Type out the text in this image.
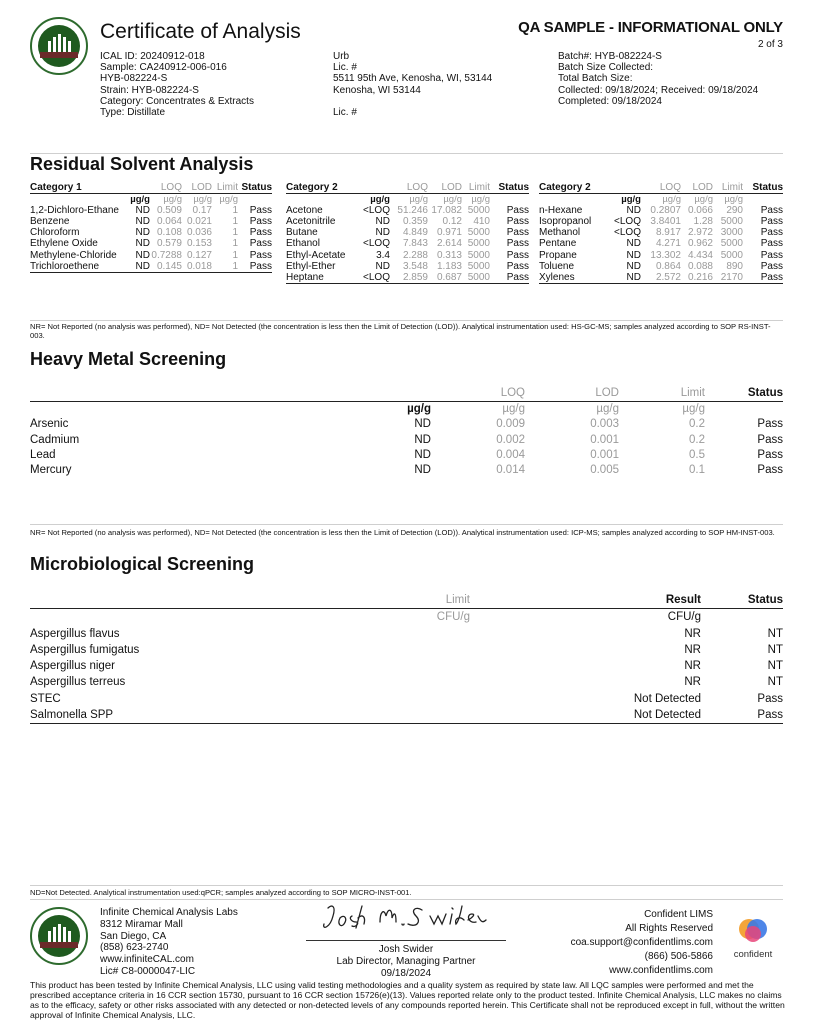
Certificate of Analysis	QA SAMPLE - INFORMATIONAL ONLY
2 of 3
ICAL ID: 20240912-018
Sample: CA240912-006-016
HYB-082224-S
Strain: HYB-082224-S
Category: Concentrates & Extracts
Type: Distillate
Urb
Lic. #
5511 95th Ave, Kenosha, WI, 53144
Kenosha, WI 53144

Lic. #
Batch#: HYB-082224-S
Batch Size Collected:
Total Batch Size:
Collected: 09/18/2024; Received: 09/18/2024
Completed: 09/18/2024
Residual Solvent Analysis
Category 1		LOQ	LOD	Limit	Status
	µg/g	µg/g	µg/g	µg/g	
1,2-Dichloro-Ethane	ND	0.509	0.17	1	Pass
Benzene	ND	0.064	0.021	1	Pass
Chloroform	ND	0.108	0.036	1	Pass
Ethylene Oxide	ND	0.579	0.153	1	Pass
Methylene-Chloride	ND	0.7288	0.127	1	Pass
Trichloroethene	ND	0.145	0.018	1	Pass
Category 2		LOQ	LOD	Limit	Status
	µg/g	µg/g	µg/g	µg/g	
Acetone	<LOQ	51.246	17.082	5000	Pass
Acetonitrile	ND	0.359	0.12	410	Pass
Butane	ND	4.849	0.971	5000	Pass
Ethanol	<LOQ	7.843	2.614	5000	Pass
Ethyl-Acetate	3.4	2.288	0.313	5000	Pass
Ethyl-Ether	ND	3.548	1.183	5000	Pass
Heptane	<LOQ	2.859	0.687	5000	Pass
Category 2		LOQ	LOD	Limit	Status
	µg/g	µg/g	µg/g	µg/g	
n-Hexane	ND	0.2807	0.066	290	Pass
Isopropanol	<LOQ	3.8401	1.28	5000	Pass
Methanol	<LOQ	8.917	2.972	3000	Pass
Pentane	ND	4.271	0.962	5000	Pass
Propane	ND	13.302	4.434	5000	Pass
Toluene	ND	0.864	0.088	890	Pass
Xylenes	ND	2.572	0.216	2170	Pass
NR= Not Reported (no analysis was performed), ND= Not Detected (the concentration is less then the Limit of Detection (LOD)). Analytical instrumentation used: HS-GC-MS; samples analyzed according to SOP RS-INST-003.
Heavy Metal Screening
		LOQ	LOD	Limit	Status
	µg/g	µg/g	µg/g	µg/g	
Arsenic	ND	0.009	0.003	0.2	Pass
Cadmium	ND	0.002	0.001	0.2	Pass
Lead	ND	0.004	0.001	0.5	Pass
Mercury	ND	0.014	0.005	0.1	Pass
NR= Not Reported (no analysis was performed), ND= Not Detected (the concentration is less then the Limit of Detection (LOD)). Analytical instrumentation used: ICP-MS; samples analyzed according to SOP HM-INST-003.
Microbiological Screening
	Limit	Result	Status
	CFU/g	CFU/g	
Aspergillus flavus		NR	NT
Aspergillus fumigatus		NR	NT
Aspergillus niger		NR	NT
Aspergillus terreus		NR	NT
STEC		Not Detected	Pass
Salmonella SPP		Not Detected	Pass
ND=Not Detected. Analytical instrumentation used:qPCR; samples analyzed according to SOP MICRO-INST-001.
Infinite Chemical Analysis Labs
8312 Miramar Mall
San Diego, CA
(858) 623-2740
www.infiniteCAL.com
Lic# C8-0000047-LIC
Josh Swider
Lab Director, Managing Partner
09/18/2024
Confident LIMS
All Rights Reserved
coa.support@confidentlims.com
(866) 506-5866
www.confidentlims.com
confident
This product has been tested by Infinite Chemical Analysis, LLC using valid testing methodologies and a quality system as required by state law. All LQC samples were performed and met the prescribed acceptance criteria in 16 CCR section 15730, pursuant to 16 CCR section 15726(e)(13). Values reported relate only to the product tested. Infinite Chemical Analysis, LLC makes no claims as to the efficacy, safety or other risks associated with any detected or non-detected levels of any compounds reported herein. This Certificate shall not be reproduced except in full, without the written approval of Infinite Chemical Analysis, LLC.
